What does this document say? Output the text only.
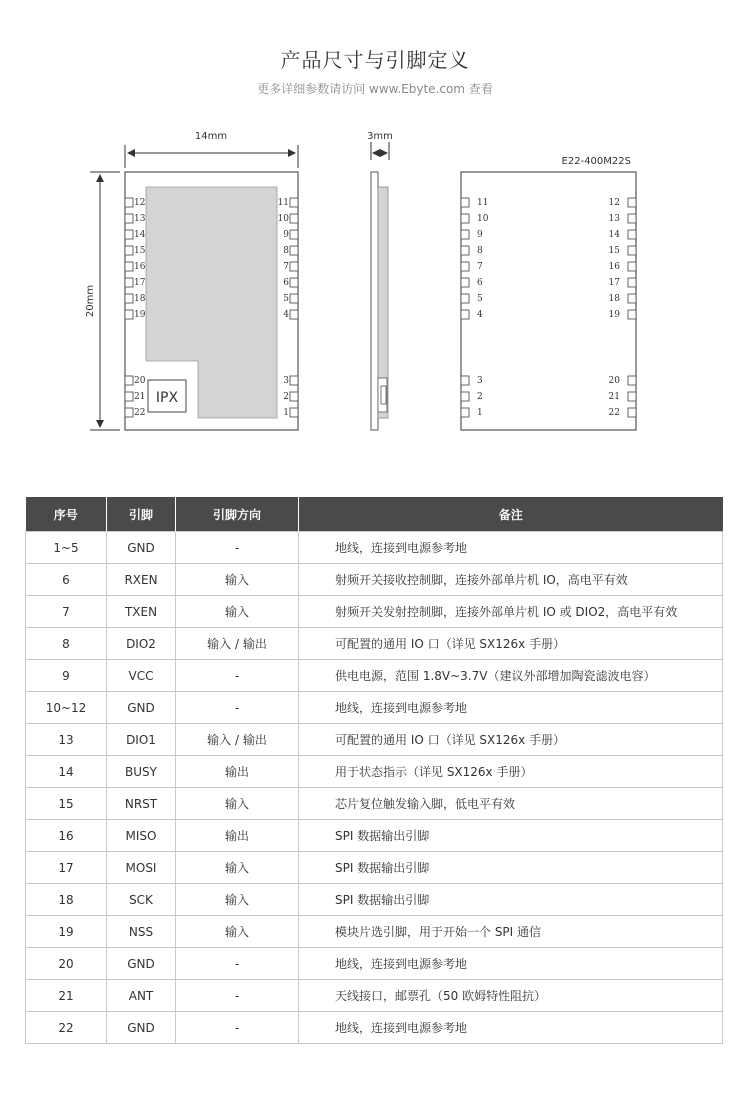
产品尺寸与引脚定义
更多详细参数请访问 www.Ebyte.com 查看
IPX
12	11
13	10
14	9
15	8
16	7
17	6
18	5
19	4
20	3
21	2
22	1
14mm
20mm
3mm
E22-400M22S
11	12
10	13
9	14
8	15
7	16
6	17
5	18
4	19
3	20
2	21
1	22
序号	引脚	引脚方向	备注
1~5	GND	-	地线，连接到电源参考地
6	RXEN	输入	射频开关接收控制脚，连接外部单片机 IO，高电平有效
7	TXEN	输入	射频开关发射控制脚，连接外部单片机 IO 或 DIO2，高电平有效
8	DIO2	输入 / 输出	可配置的通用 IO 口（详见 SX126x 手册）
9	VCC	-	供电电源，范围 1.8V~3.7V（建议外部增加陶瓷滤波电容）
10~12	GND	-	地线，连接到电源参考地
13	DIO1	输入 / 输出	可配置的通用 IO 口（详见 SX126x 手册）
14	BUSY	输出	用于状态指示（详见 SX126x 手册）
15	NRST	输入	芯片复位触发输入脚，低电平有效
16	MISO	输出	SPI 数据输出引脚
17	MOSI	输入	SPI 数据输出引脚
18	SCK	输入	SPI 数据输出引脚
19	NSS	输入	模块片选引脚，用于开始一个 SPI 通信
20	GND	-	地线，连接到电源参考地
21	ANT	-	天线接口，邮票孔（50 欧姆特性阻抗）
22	GND	-	地线，连接到电源参考地
